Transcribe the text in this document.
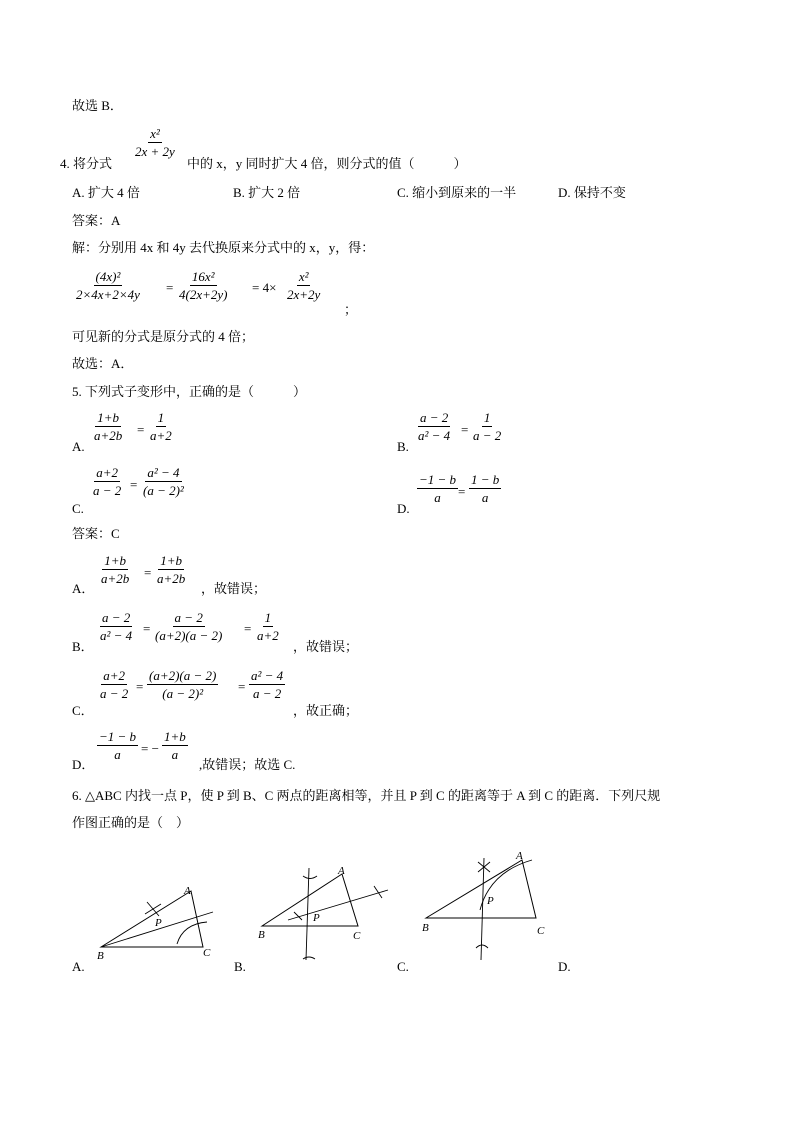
故选 B．
4. 将分式
$\frac{\text{x²}}{2x + 2y}$
中的 x，y 同时扩大 4 倍，则分式的值（　　　）
A. 扩大 4 倍	B. 扩大 2 倍	C. 缩小到原来的一半	D. 保持不变
答案：A
解：分别用 4x 和 4y 去代换原来分式中的 x，y，得：
$\frac{\text{(4x)²}}{2\times 4x+2\times 4y} = \frac{\text{16x²}}{4(2x+2y)} = 4\times \frac{\text{x²}}{2x+2y}$
；
可见新的分式是原分式的 4 倍；
故选：A．
5. 下列式子变形中，正确的是（　　　）
A.
$\frac{1+b}{a+2b} = \frac{1}{a+2}$
B.
$\frac{a - 2}{\text{a² − 4}} = \frac{1}{a - 2}$
C.
$\frac{a+2}{a - 2} = \frac{\text{a² − 4}}{\text{(a − 2)²}}$
D.
$\frac{-1 - b}{a} = \frac{1 - b}{a}$
答案：C
A．
$\frac{1+b}{a+2b} = \frac{1+b}{a+2b}$
，故错误；
B．
$\frac{a - 2}{\text{a² − 4}} = \frac{a - 2}{(a+2)(a - 2)} = \frac{1}{a+2}$
，故错误；
C．
$\frac{a+2}{a - 2} = \frac{(a+2)(a - 2)}{\text{(a − 2)²}} = \frac{\text{a² − 4}}{a - 2}$
，故正确；
D．
$\frac{-1 - b}{a}$ = − $\frac{1+b}{a}$
,故错误；故选 C.
6. △ABC 内找一点 P，使 P 到 B、C 两点的距离相等，并且 P 到 C 的距离等于 A 到 C 的距离．下列尺规
作图正确的是（　）
A
B	C
P
A.
A
B	C
P
B.
A
B	C
P
C.	D.
